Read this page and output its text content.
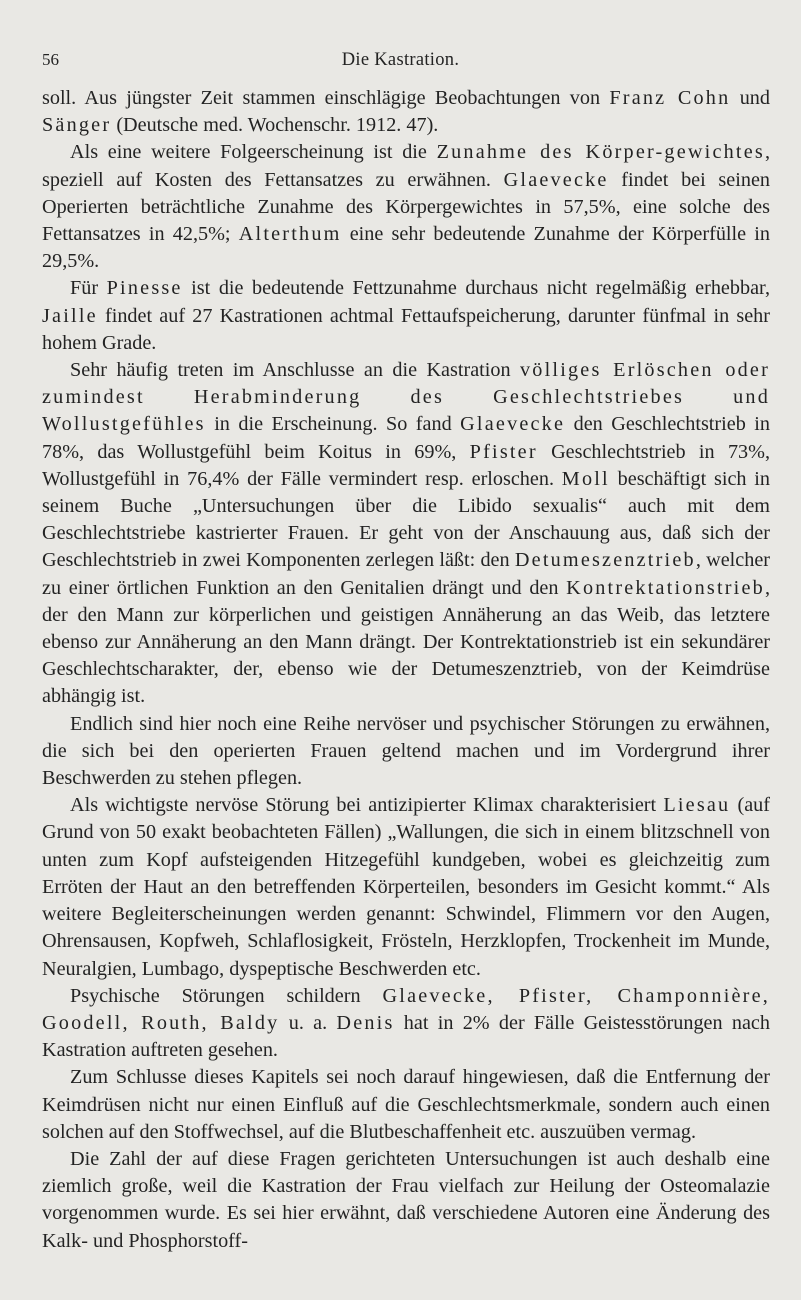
56	Die Kastration.

soll. Aus jüngster Zeit stammen einschlägige Beobachtungen von Franz Cohn und Sänger (Deutsche med. Wochenschr. 1912. 47).

Als eine weitere Folgeerscheinung ist die Zunahme des Körper-gewichtes, speziell auf Kosten des Fettansatzes zu erwähnen. Glaevecke findet bei seinen Operierten beträchtliche Zunahme des Körpergewichtes in 57,5%, eine solche des Fettansatzes in 42,5%; Alterthum eine sehr bedeutende Zunahme der Körperfülle in 29,5%.

Für Pinesse ist die bedeutende Fettzunahme durchaus nicht regelmäßig erhebbar, Jaille findet auf 27 Kastrationen achtmal Fettaufspeicherung, darunter fünfmal in sehr hohem Grade.

Sehr häufig treten im Anschlusse an die Kastration völliges Erlöschen oder zumindest Herabminderung des Geschlechtstriebes und Wollustgefühles in die Erscheinung. So fand Glaevecke den Geschlechtstrieb in 78%, das Wollustgefühl beim Koitus in 69%, Pfister Geschlechtstrieb in 73%, Wollustgefühl in 76,4% der Fälle vermindert resp. erloschen. Moll beschäftigt sich in seinem Buche „Untersuchungen über die Libido sexualis“ auch mit dem Geschlechtstriebe kastrierter Frauen. Er geht von der Anschauung aus, daß sich der Geschlechtstrieb in zwei Komponenten zerlegen läßt: den Detumeszenztrieb, welcher zu einer örtlichen Funktion an den Genitalien drängt und den Kontrektationstrieb, der den Mann zur körperlichen und geistigen Annäherung an das Weib, das letztere ebenso zur Annäherung an den Mann drängt. Der Kontrektationstrieb ist ein sekundärer Geschlechtscharakter, der, ebenso wie der Detumeszenztrieb, von der Keimdrüse abhängig ist.

Endlich sind hier noch eine Reihe nervöser und psychischer Störungen zu erwähnen, die sich bei den operierten Frauen geltend machen und im Vordergrund ihrer Beschwerden zu stehen pflegen.

Als wichtigste nervöse Störung bei antizipierter Klimax charakterisiert Liesau (auf Grund von 50 exakt beobachteten Fällen) „Wallungen, die sich in einem blitzschnell von unten zum Kopf aufsteigenden Hitzegefühl kundgeben, wobei es gleichzeitig zum Erröten der Haut an den betreffenden Körperteilen, besonders im Gesicht kommt.“ Als weitere Begleiterscheinungen werden genannt: Schwindel, Flimmern vor den Augen, Ohrensausen, Kopfweh, Schlaflosigkeit, Frösteln, Herzklopfen, Trockenheit im Munde, Neuralgien, Lumbago, dyspeptische Beschwerden etc.

Psychische Störungen schildern Glaevecke, Pfister, Champonnière, Goodell, Routh, Baldy u. a. Denis hat in 2% der Fälle Geistesstörungen nach Kastration auftreten gesehen.

Zum Schlusse dieses Kapitels sei noch darauf hingewiesen, daß die Entfernung der Keimdrüsen nicht nur einen Einfluß auf die Geschlechtsmerkmale, sondern auch einen solchen auf den Stoffwechsel, auf die Blutbeschaffenheit etc. auszuüben vermag.

Die Zahl der auf diese Fragen gerichteten Untersuchungen ist auch deshalb eine ziemlich große, weil die Kastration der Frau vielfach zur Heilung der Osteomalazie vorgenommen wurde. Es sei hier erwähnt, daß verschiedene Autoren eine Änderung des Kalk- und Phosphorstoff-
